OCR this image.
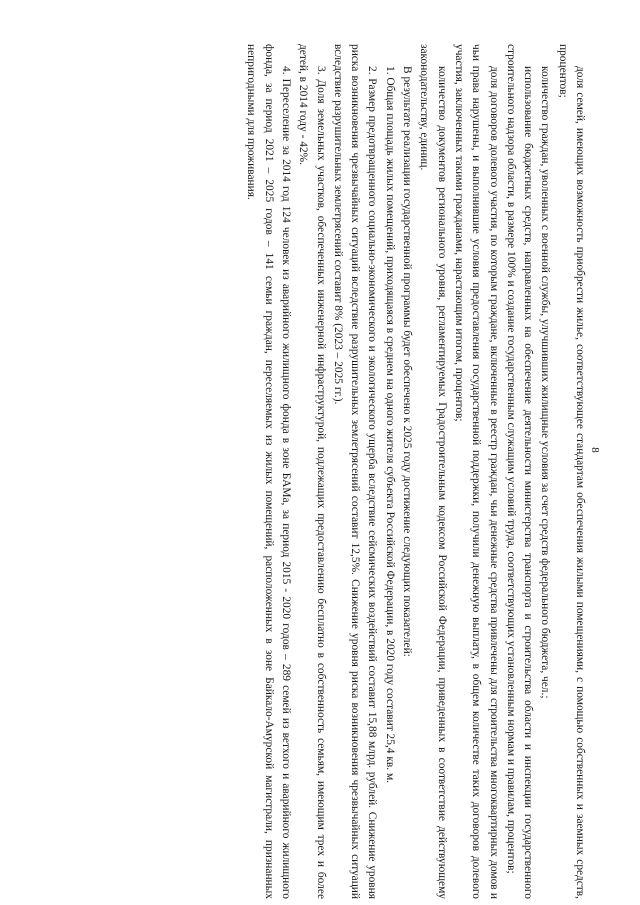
8

доля семей, имеющих возможность приобрести жилье, соответствующее стандартам обеспечения жилыми помещениями, с помощью собственных и заемных средств, процентов;

количество граждан, уволенных с военной службы, улучшивших жилищные условия за счет средств федерального бюджета, чел.;

использование бюджетных средств, направленных на обеспечение деятельности министерства транспорта и строительства области и инспекции государственного строительного надзора области, в размере 100% и создание государственным служащим условий труда, соответствующих установленным нормам и правилам, процентов;

доля договоров долевого участия, по которым граждане, включенные в реестр граждан, чьи денежные средства привлечены для строительства многоквартирных домов и чьи права нарушены, и выполнившие условия предоставления государственной поддержки, получили денежную выплату, в общем количестве таких договоров долевого участия, заключенных такими гражданами, нарастающим итогом, процентов;

количество документов регионального уровня, регламентируемых Градостроительным кодексом Российской Федерации, приведенных в соответствие действующему законодательству, единиц.

В результате реализации государственной программы будет обеспечено к 2025 году достижение следующих показателей:

1. Общая площадь жилых помещений, приходящаяся в среднем на одного жителя субъекта Российской Федерации, в 2020 году составит 25,4 кв. м.

2. Размер предотвращенного социально-экономического и экологического ущерба вследствие сейсмических воздействий составит 15,88 млрд. рублей. Снижение уровня риска возникновения чрезвычайных ситуаций вследствие разрушительных землетрясений составит 12,5%. Снижение уровня риска возникновения чрезвычайных ситуаций вследствие разрушительных землетрясений составит 8% (2023 – 2025 гг.).

3. Доля земельных участков, обеспеченных инженерной инфраструктурой, подлежащих предоставлению бесплатно в собственность семьям, имеющим трех и более детей, в 2014 году - 42%.

4. Переселение за 2014 год 124 человек из аварийного жилищного фонда в зоне БАМа, за период 2015 - 2020 годов – 289 семей из ветхого и аварийного жилищного фонда, за период 2021 – 2025 годов – 141 семьи граждан, переселяемых из жилых помещений, расположенных в зоне Байкало-Амурской магистрали, признанных непригодными для проживания.
